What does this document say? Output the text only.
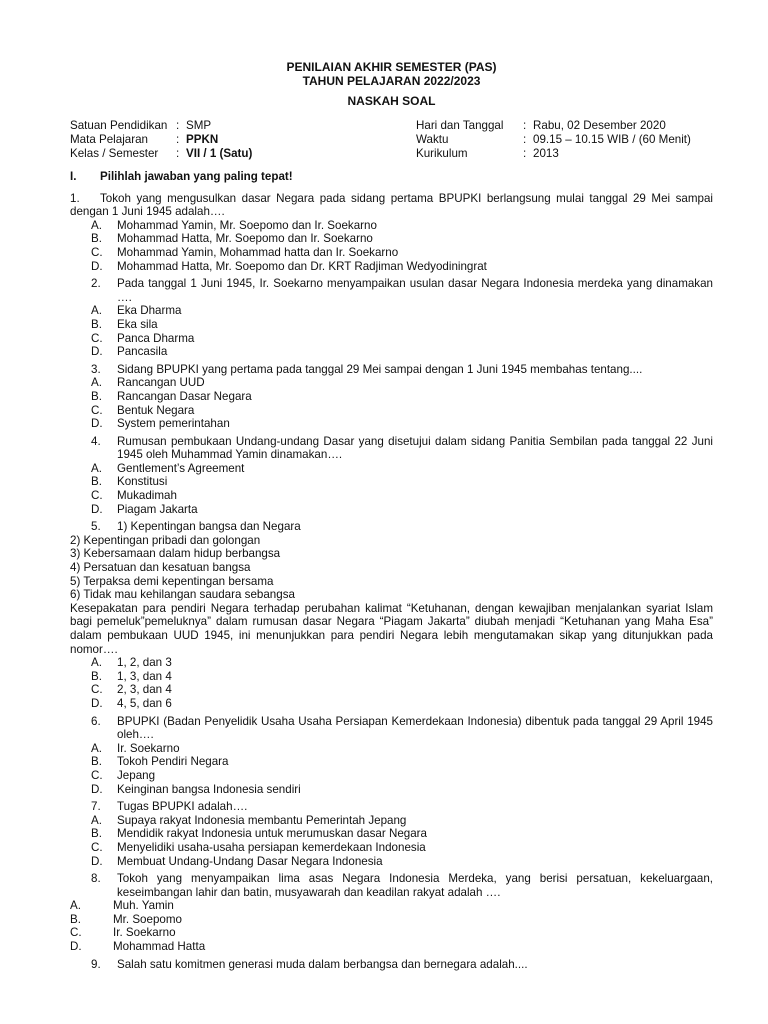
PENILAIAN AKHIR SEMESTER (PAS)
TAHUN PELAJARAN 2022/2023
NASKAH SOAL
Satuan Pendidikan : SMP
Mata Pelajaran : PPKN
Kelas / Semester : VII / 1 (Satu)
Hari dan Tanggal : Rabu, 02 Desember 2020
Waktu	: 09.15 – 10.15 WIB / (60 Menit)
Kurikulum	: 2013
I. Pilihlah jawaban yang paling tepat!
1. Tokoh yang mengusulkan dasar Negara pada sidang pertama BPUPKI berlangsung mulai tanggal 29 Mei sampai dengan 1 Juni 1945 adalah….
A. Mohammad Yamin, Mr. Soepomo dan Ir. Soekarno
B. Mohammad Hatta, Mr. Soepomo dan Ir. Soekarno
C. Mohammad Yamin, Mohammad hatta dan Ir. Soekarno
D. Mohammad Hatta, Mr. Soepomo dan Dr. KRT Radjiman Wedyodiningrat
2. Pada tanggal 1 Juni 1945, Ir. Soekarno menyampaikan usulan dasar Negara Indonesia merdeka yang dinamakan ….
A. Eka Dharma
B. Eka sila
C. Panca Dharma
D. Pancasila
3. Sidang BPUPKI yang pertama pada tanggal 29 Mei sampai dengan 1 Juni 1945 membahas tentang....
A. Rancangan UUD
B. Rancangan Dasar Negara
C. Bentuk Negara
D. System pemerintahan
4. Rumusan pembukaan Undang-undang Dasar yang disetujui dalam sidang Panitia Sembilan pada tanggal 22 Juni 1945 oleh Muhammad Yamin dinamakan….
A. Gentlement’s Agreement
B. Konstitusi
C. Mukadimah
D. Piagam Jakarta
5. 1) Kepentingan bangsa dan Negara
2) Kepentingan pribadi dan golongan
3) Kebersamaan dalam hidup berbangsa
4) Persatuan dan kesatuan bangsa
5) Terpaksa demi kepentingan bersama
6) Tidak mau kehilangan saudara sebangsa
Kesepakatan para pendiri Negara terhadap perubahan kalimat “Ketuhanan, dengan kewajiban menjalankan syariat Islam bagi pemeluk”pemeluknya” dalam rumusan dasar Negara “Piagam Jakarta” diubah menjadi “Ketuhanan yang Maha Esa” dalam pembukaan UUD 1945, ini menunjukkan para pendiri Negara lebih mengutamakan sikap yang ditunjukkan pada nomor….
A. 1, 2, dan 3
B. 1, 3, dan 4
C. 2, 3, dan 4
D. 4, 5, dan 6
6. BPUPKI (Badan Penyelidik Usaha Usaha Persiapan Kemerdekaan Indonesia) dibentuk pada tanggal 29 April 1945 oleh….
A. Ir. Soekarno
B. Tokoh Pendiri Negara
C. Jepang
D. Keinginan bangsa Indonesia sendiri
7. Tugas BPUPKI adalah….
A. Supaya rakyat Indonesia membantu Pemerintah Jepang
B. Mendidik rakyat Indonesia untuk merumuskan dasar Negara
C. Menyelidiki usaha-usaha persiapan kemerdekaan Indonesia
D. Membuat Undang-Undang Dasar Negara Indonesia
8. Tokoh yang menyampaikan lima asas Negara Indonesia Merdeka, yang berisi persatuan, kekeluargaan, keseimbangan lahir dan batin, musyawarah dan keadilan rakyat adalah ….
A.	Muh. Yamin
B.	Mr. Soepomo
C.	Ir. Soekarno
D.	Mohammad Hatta
9. Salah satu komitmen generasi muda dalam berbangsa dan bernegara adalah....
